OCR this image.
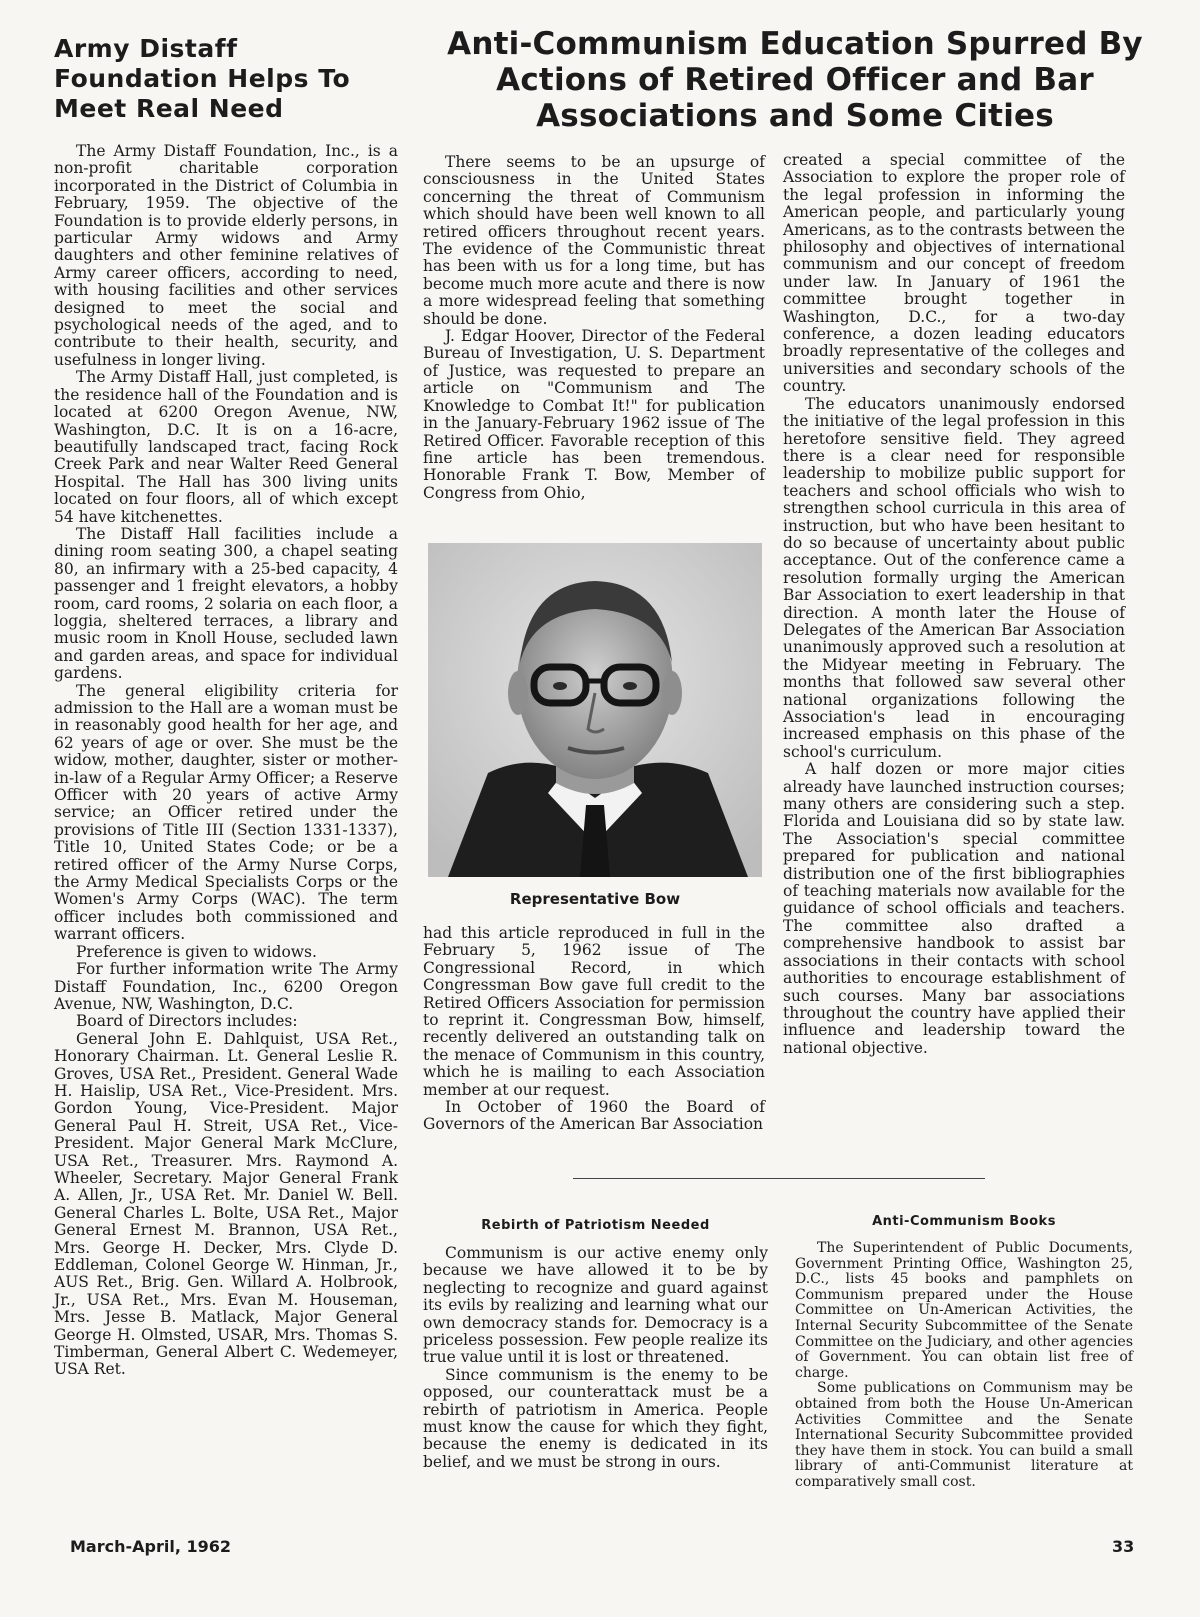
Army Distaff Foundation Helps To Meet Real Need

The Army Distaff Foundation, Inc., is a non-profit charitable corporation incorporated in the District of Columbia in February, 1959. The objective of the Foundation is to provide elderly persons, in particular Army widows and Army daughters and other feminine relatives of Army career officers, according to need, with housing facilities and other services designed to meet the social and psychological needs of the aged, and to contribute to their health, security, and usefulness in longer living.

The Army Distaff Hall, just completed, is the residence hall of the Foundation and is located at 6200 Oregon Avenue, NW, Washington, D.C. It is on a 16-acre, beautifully landscaped tract, facing Rock Creek Park and near Walter Reed General Hospital. The Hall has 300 living units located on four floors, all of which except 54 have kitchenettes.

The Distaff Hall facilities include a dining room seating 300, a chapel seating 80, an infirmary with a 25-bed capacity, 4 passenger and 1 freight elevators, a hobby room, card rooms, 2 solaria on each floor, a loggia, sheltered terraces, a library and music room in Knoll House, secluded lawn and garden areas, and space for individual gardens.

The general eligibility criteria for admission to the Hall are a woman must be in reasonably good health for her age, and 62 years of age or over. She must be the widow, mother, daughter, sister or mother-in-law of a Regular Army Officer; a Reserve Officer with 20 years of active Army service; an Officer retired under the provisions of Title III (Section 1331-1337), Title 10, United States Code; or be a retired officer of the Army Nurse Corps, the Army Medical Specialists Corps or the Women's Army Corps (WAC). The term officer includes both commissioned and warrant officers.

Preference is given to widows.

For further information write The Army Distaff Foundation, Inc., 6200 Oregon Avenue, NW, Washington, D.C.

Board of Directors includes:

General John E. Dahlquist, USA Ret., Honorary Chairman. Lt. General Leslie R. Groves, USA Ret., President. General Wade H. Haislip, USA Ret., Vice-President. Mrs. Gordon Young, Vice-President. Major General Paul H. Streit, USA Ret., Vice-President. Major General Mark McClure, USA Ret., Treasurer. Mrs. Raymond A. Wheeler, Secretary. Major General Frank A. Allen, Jr., USA Ret. Mr. Daniel W. Bell. General Charles L. Bolte, USA Ret., Major General Ernest M. Brannon, USA Ret., Mrs. George H. Decker, Mrs. Clyde D. Eddleman, Colonel George W. Hinman, Jr., AUS Ret., Brig. Gen. Willard A. Holbrook, Jr., USA Ret., Mrs. Evan M. Houseman, Mrs. Jesse B. Matlack, Major General George H. Olmsted, USAR, Mrs. Thomas S. Timberman, General Albert C. Wedemeyer, USA Ret.

Anti-Communism Education Spurred By Actions of Retired Officer and Bar Associations and Some Cities

There seems to be an upsurge of consciousness in the United States concerning the threat of Communism which should have been well known to all retired officers throughout recent years. The evidence of the Communistic threat has been with us for a long time, but has become much more acute and there is now a more widespread feeling that something should be done.

J. Edgar Hoover, Director of the Federal Bureau of Investigation, U. S. Department of Justice, was requested to prepare an article on "Communism and The Knowledge to Combat It!" for publication in the January-February 1962 issue of The Retired Officer. Favorable reception of this fine article has been tremendous. Honorable Frank T. Bow, Member of Congress from Ohio,

Representative Bow

had this article reproduced in full in the February 5, 1962 issue of The Congressional Record, in which Congressman Bow gave full credit to the Retired Officers Association for permission to reprint it. Congressman Bow, himself, recently delivered an outstanding talk on the menace of Communism in this country, which he is mailing to each Association member at our request.

In October of 1960 the Board of Governors of the American Bar Association

created a special committee of the Association to explore the proper role of the legal profession in informing the American people, and particularly young Americans, as to the contrasts between the philosophy and objectives of international communism and our concept of freedom under law. In January of 1961 the committee brought together in Washington, D.C., for a two-day conference, a dozen leading educators broadly representative of the colleges and universities and secondary schools of the country.

The educators unanimously endorsed the initiative of the legal profession in this heretofore sensitive field. They agreed there is a clear need for responsible leadership to mobilize public support for teachers and school officials who wish to strengthen school curricula in this area of instruction, but who have been hesitant to do so because of uncertainty about public acceptance. Out of the conference came a resolution formally urging the American Bar Association to exert leadership in that direction. A month later the House of Delegates of the American Bar Association unanimously approved such a resolution at the Midyear meeting in February. The months that followed saw several other national organizations following the Association's lead in encouraging increased emphasis on this phase of the school's curriculum.

A half dozen or more major cities already have launched instruction courses; many others are considering such a step. Florida and Louisiana did so by state law. The Association's special committee prepared for publication and national distribution one of the first bibliographies of teaching materials now available for the guidance of school officials and teachers. The committee also drafted a comprehensive handbook to assist bar associations in their contacts with school authorities to encourage establishment of such courses. Many bar associations throughout the country have applied their influence and leadership toward the national objective.

Rebirth of Patriotism Needed

Communism is our active enemy only because we have allowed it to be by neglecting to recognize and guard against its evils by realizing and learning what our own democracy stands for. Democracy is a priceless possession. Few people realize its true value until it is lost or threatened.

Since communism is the enemy to be opposed, our counterattack must be a rebirth of patriotism in America. People must know the cause for which they fight, because the enemy is dedicated in its belief, and we must be strong in ours.

Anti-Communism Books

The Superintendent of Public Documents, Government Printing Office, Washington 25, D.C., lists 45 books and pamphlets on Communism prepared under the House Committee on Un-American Activities, the Internal Security Subcommittee of the Senate Committee on the Judiciary, and other agencies of Government. You can obtain list free of charge.

Some publications on Communism may be obtained from both the House Un-American Activities Committee and the Senate International Security Subcommittee provided they have them in stock. You can build a small library of anti-Communist literature at comparatively small cost.

March-April, 1962	33
